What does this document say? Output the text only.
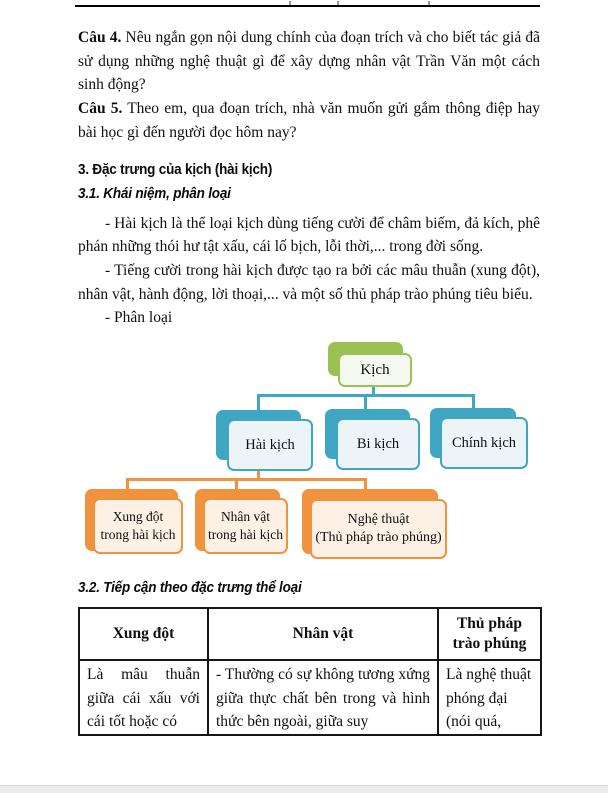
Câu 4. Nêu ngắn gọn nội dung chính của đoạn trích và cho biết tác giả đã sử dụng những nghệ thuật gì để xây dựng nhân vật Trần Văn một cách sinh động?

Câu 5. Theo em, qua đoạn trích, nhà văn muốn gửi gắm thông điệp hay bài học gì đến người đọc hôm nay?

3. Đặc trưng của kịch (hài kịch)
3.1. Khái niệm, phân loại

- Hài kịch là thể loại kịch dùng tiếng cười để châm biếm, đả kích, phê phán những thói hư tật xấu, cái lố bịch, lỗi thời,... trong đời sống.

- Tiếng cười trong hài kịch được tạo ra bởi các mâu thuẫn (xung đột), nhân vật, hành động, lời thoại,... và một số thủ pháp trào phúng tiêu biểu.

- Phân loại

Kịch
Hài kịch	Bi kịch	Chính kịch
Xung đột
trong hài kịch
Nhân vật
trong hài kịch
Nghệ thuật
(Thủ pháp trào phúng)
3.2. Tiếp cận theo đặc trưng thể loại
Xung đột	Nhân vật	Thủ pháp trào phúng
Là mâu thuẫn giữa cái xấu với cái tốt hoặc có	- Thường có sự không tương xứng giữa thực chất bên trong và hình thức bên ngoài, giữa suy	Là nghệ thuật phóng đại (nói quá,
